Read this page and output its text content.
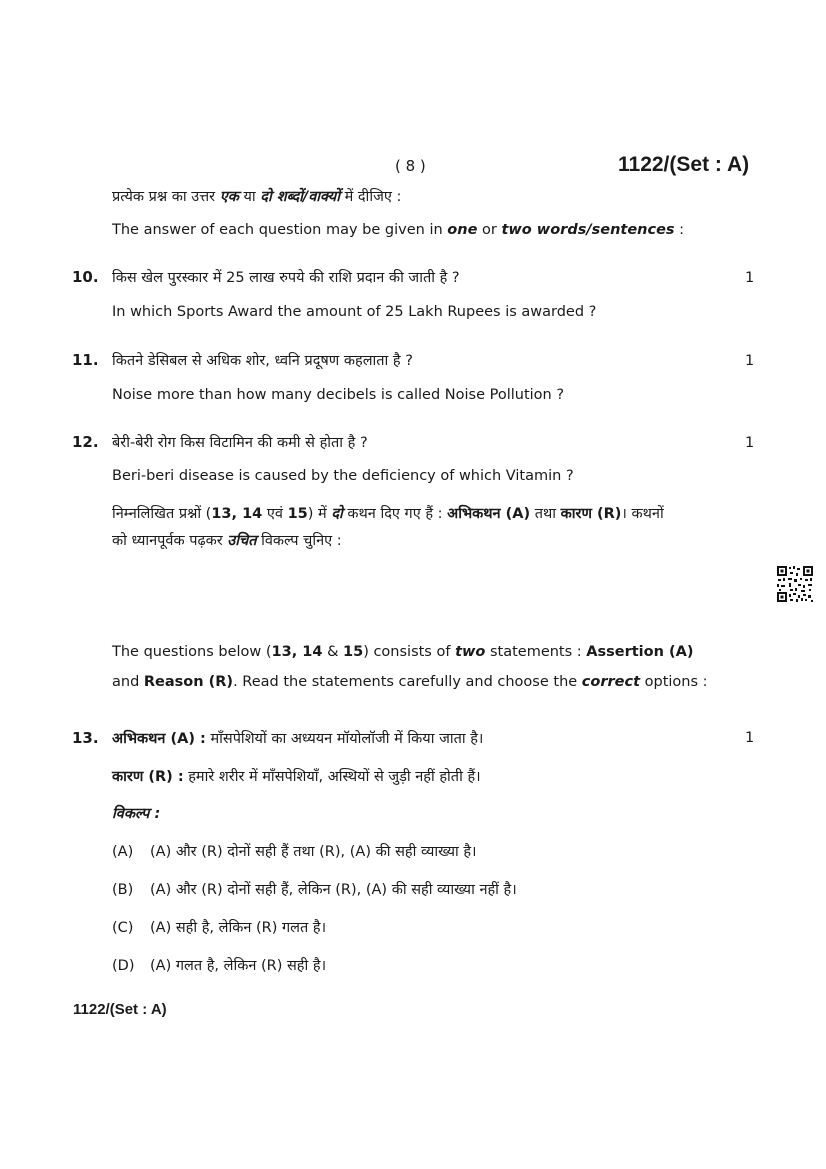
( 8 )	1122/(Set : A)
प्रत्येक प्रश्न का उत्तर एक या दो शब्दों/वाक्यों में दीजिए :
The answer of each question may be given in one or two words/sentences :
10. किस खेल पुरस्कार में 25 लाख रुपये की राशि प्रदान की जाती है ?	1
In which Sports Award the amount of 25 Lakh Rupees is awarded ?
11. कितने डेसिबल से अधिक शोर, ध्वनि प्रदूषण कहलाता है ?	1
Noise more than how many decibels is called Noise Pollution ?
12. बेरी-बेरी रोग किस विटामिन की कमी से होता है ?	1
Beri-beri disease is caused by the deficiency of which Vitamin ?
निम्नलिखित प्रश्नों (13, 14 एवं 15) में दो कथन दिए गए हैं : अभिकथन (A) तथा कारण (R)। कथनों
को ध्यानपूर्वक पढ़कर उचित विकल्प चुनिए :
The questions below (13, 14 & 15) consists of two statements : Assertion (A)
and Reason (R). Read the statements carefully and choose the correct options :
13. अभिकथन (A) : माँसपेशियों का अध्ययन मॉयोलॉजी में किया जाता है।	1
कारण (R) : हमारे शरीर में माँसपेशियाँ, अस्थियों से जुड़ी नहीं होती हैं।
विकल्प :
(A) (A) और (R) दोनों सही हैं तथा (R), (A) की सही व्याख्या है।
(B) (A) और (R) दोनों सही हैं, लेकिन (R), (A) की सही व्याख्या नहीं है।
(C) (A) सही है, लेकिन (R) गलत है।
(D) (A) गलत है, लेकिन (R) सही है।
1122/(Set : A)
